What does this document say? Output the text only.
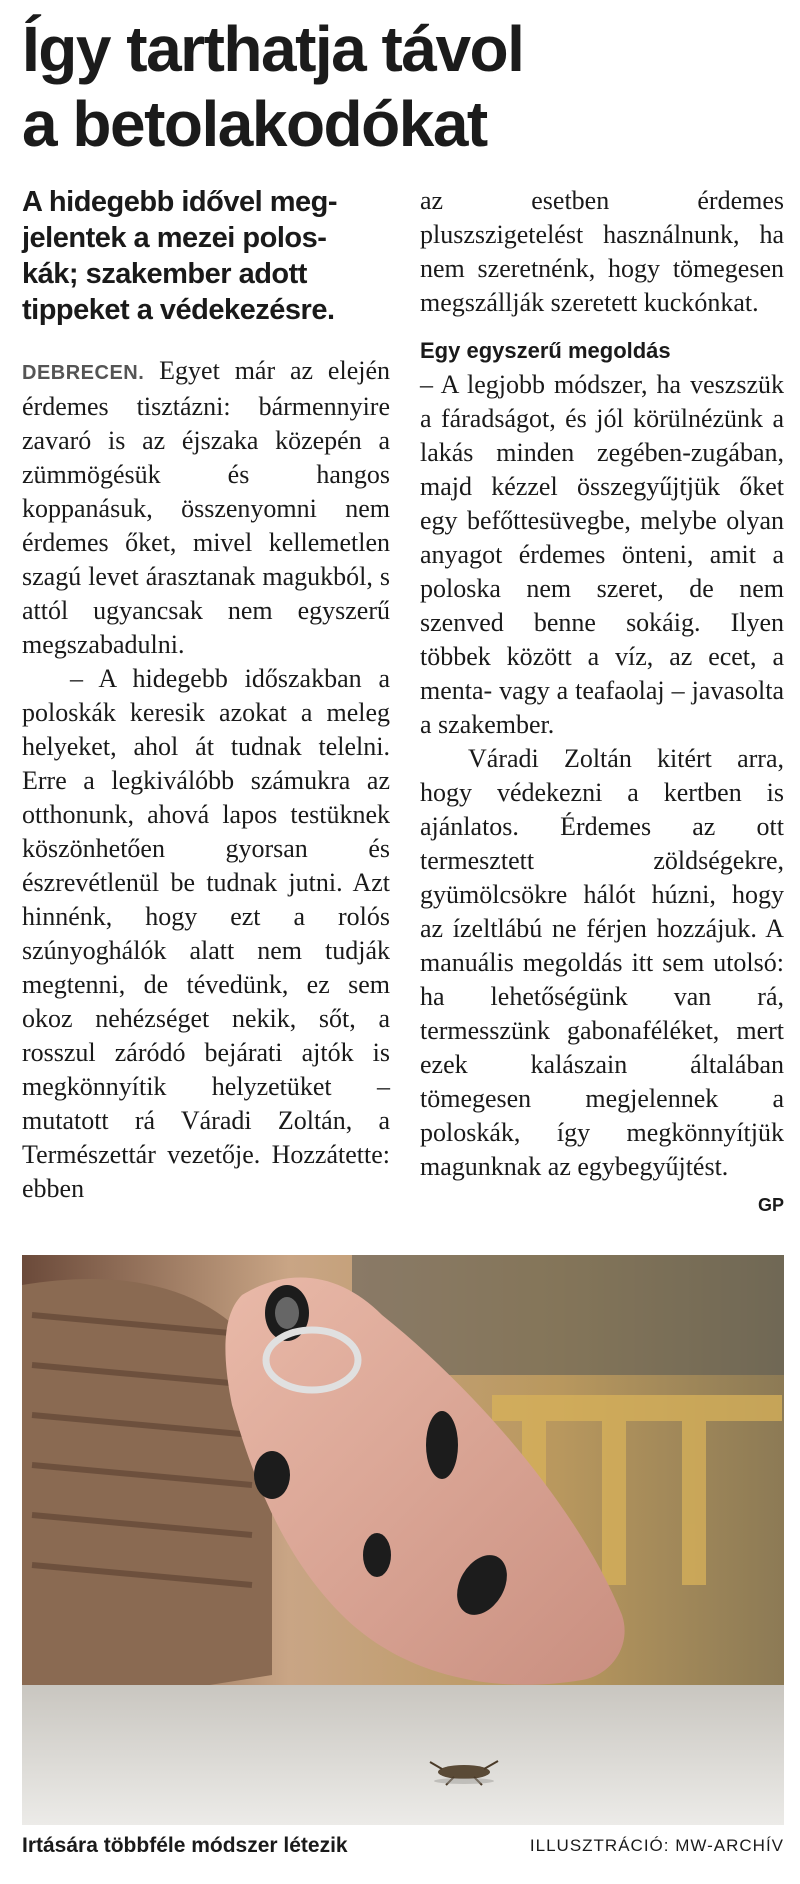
Így tarthatja távol
a betolakodókat
A hidegebb idővel meg-
jelentek a mezei polos-
kák; szakember adott
tippeket a védekezésre.

DEBRECEN. Egyet már az elején érdemes tisztázni: bármennyire zavaró is az éjszaka közepén a zümmögésük és hangos koppanásuk, összenyomni nem érdemes őket, mivel kellemetlen szagú levet árasztanak magukból, s attól ugyancsak nem egyszerű megszabadulni.

– A hidegebb időszakban a poloskák keresik azokat a meleg helyeket, ahol át tudnak telelni. Erre a legkiválóbb számukra az otthonunk, ahová lapos testüknek köszönhetően gyorsan és észrevétlenül be tudnak jutni. Azt hinnénk, hogy ezt a rolós szúnyoghálók alatt nem tudják megtenni, de tévedünk, ez sem okoz nehézséget nekik, sőt, a rosszul záródó bejárati ajtók is megkönnyítik helyzetüket – mutatott rá Váradi Zoltán, a Természettár vezetője. Hozzátette: ebben

az esetben érdemes pluszszigetelést használnunk, ha nem szeretnénk, hogy tömegesen megszállják szeretett kuckónkat.

Egy egyszerű megoldás

– A legjobb módszer, ha veszszük a fáradságot, és jól körülnézünk a lakás minden zegében-zugában, majd kézzel összegyűjtjük őket egy befőttesüvegbe, melybe olyan anyagot érdemes önteni, amit a poloska nem szeret, de nem szenved benne sokáig. Ilyen többek között a víz, az ecet, a menta- vagy a teafaolaj – javasolta a szakember.

Váradi Zoltán kitért arra, hogy védekezni a kertben is ajánlatos. Érdemes az ott termesztett zöldségekre, gyümölcsökre hálót húzni, hogy az ízeltlábú ne férjen hozzájuk. A manuális megoldás itt sem utolsó: ha lehetőségünk van rá, termesszünk gabonaféléket, mert ezek kalászain általában tömegesen megjelennek a poloskák, így megkönnyítjük magunknak az egybegyűjtést.
GP

Irtására többféle módszer létezik	ILLUSZTRÁCIÓ: MW-ARCHÍV
